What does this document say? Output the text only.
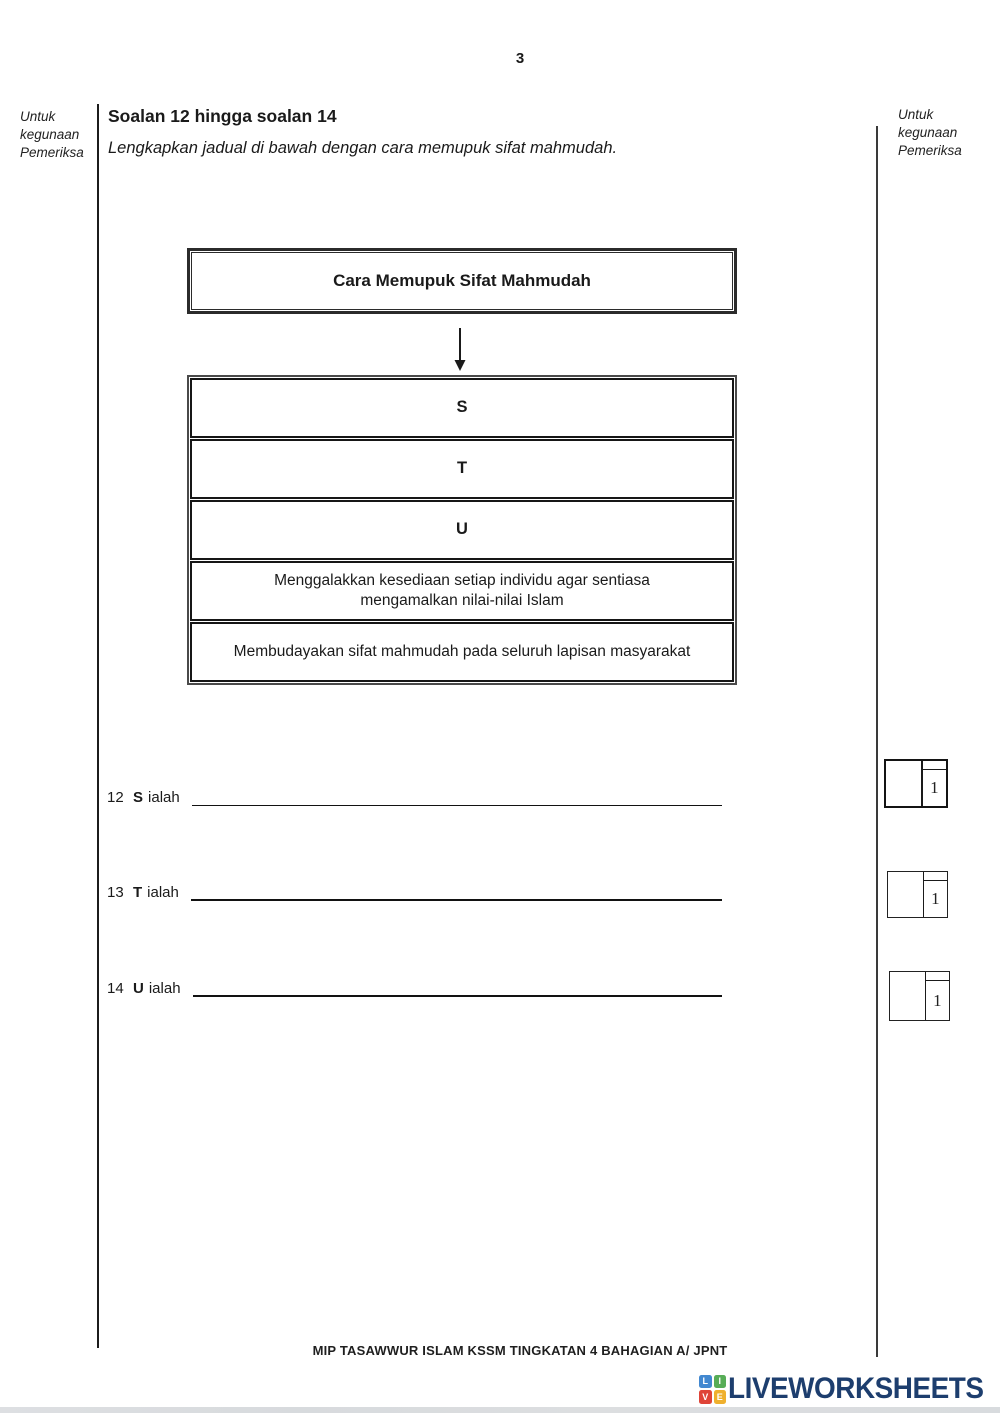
3
Untuk
kegunaan
Pemeriksa
Untuk
kegunaan
Pemeriksa
Soalan 12 hingga soalan 14
Lengkapkan jadual di bawah dengan cara memupuk sifat mahmudah.
Cara Memupuk Sifat Mahmudah
S
T
U
Menggalakkan kesediaan setiap individu agar sentiasa mengamalkan nilai-nilai Islam
Membudayakan sifat mahmudah pada seluruh lapisan masyarakat
12 S ialah
13 T ialah
14 U ialah
1
1
1
MIP TASAWWUR ISLAM KSSM TINGKATAN 4 BAHAGIAN A/ JPNT
L	I
V E LIVEWORKSHEETS
